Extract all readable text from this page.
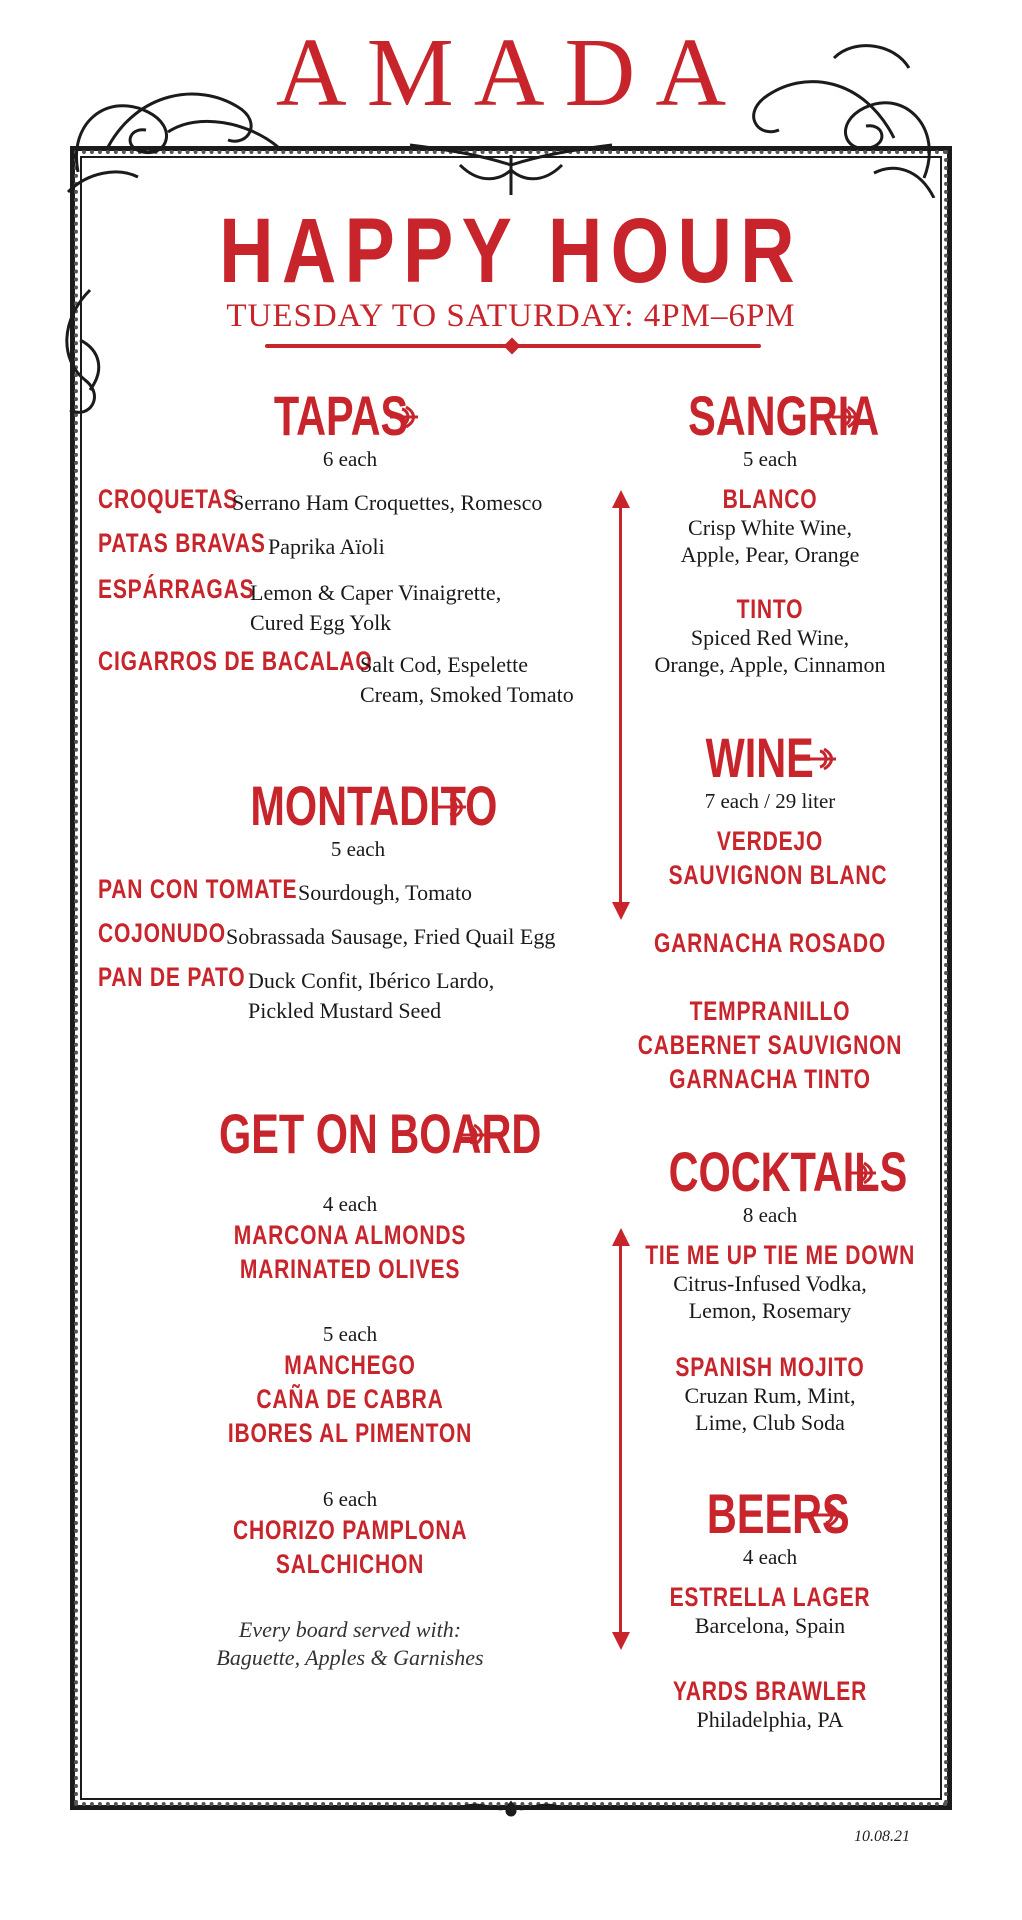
AMADA
HAPPY HOUR
TUESDAY TO SATURDAY: 4PM–6PM
TAPAS
6 each
CROQUETAS
Serrano Ham Croquettes, Romesco
PATAS BRAVAS Paprika Aïoli
ESPÁRRAGAS
Lemon & Caper Vinaigrette,
Cured Egg Yolk
CIGARROS DE BACALAO
Salt Cod, Espelette
Cream, Smoked Tomato
MONTADITO
5 each
PAN CON TOMATE Sourdough, Tomato
COJONUDO Sobrassada Sausage, Fried Quail Egg
PAN DE PATO Duck Confit, Ibérico Lardo,
Pickled Mustard Seed
GET ON BOARD
4 each
MARCONA ALMONDS
MARINATED OLIVES
5 each
MANCHEGO
CAÑA DE CABRA
IBORES AL PIMENTON
6 each
CHORIZO PAMPLONA
SALCHICHON
Every board served with:
Baguette, Apples & Garnishes
SANGRIA
5 each
BLANCO
Crisp White Wine,
Apple, Pear, Orange
TINTO
Spiced Red Wine,
Orange, Apple, Cinnamon
WINE
7 each / 29 liter
VERDEJO
SAUVIGNON BLANC
GARNACHA ROSADO
TEMPRANILLO
CABERNET SAUVIGNON
GARNACHA TINTO
COCKTAILS
8 each
TIE ME UP TIE ME DOWN
Citrus-Infused Vodka,
Lemon, Rosemary
SPANISH MOJITO
Cruzan Rum, Mint,
Lime, Club Soda
BEERS
4 each
ESTRELLA LAGER
Barcelona, Spain
YARDS BRAWLER
Philadelphia, PA
10.08.21
